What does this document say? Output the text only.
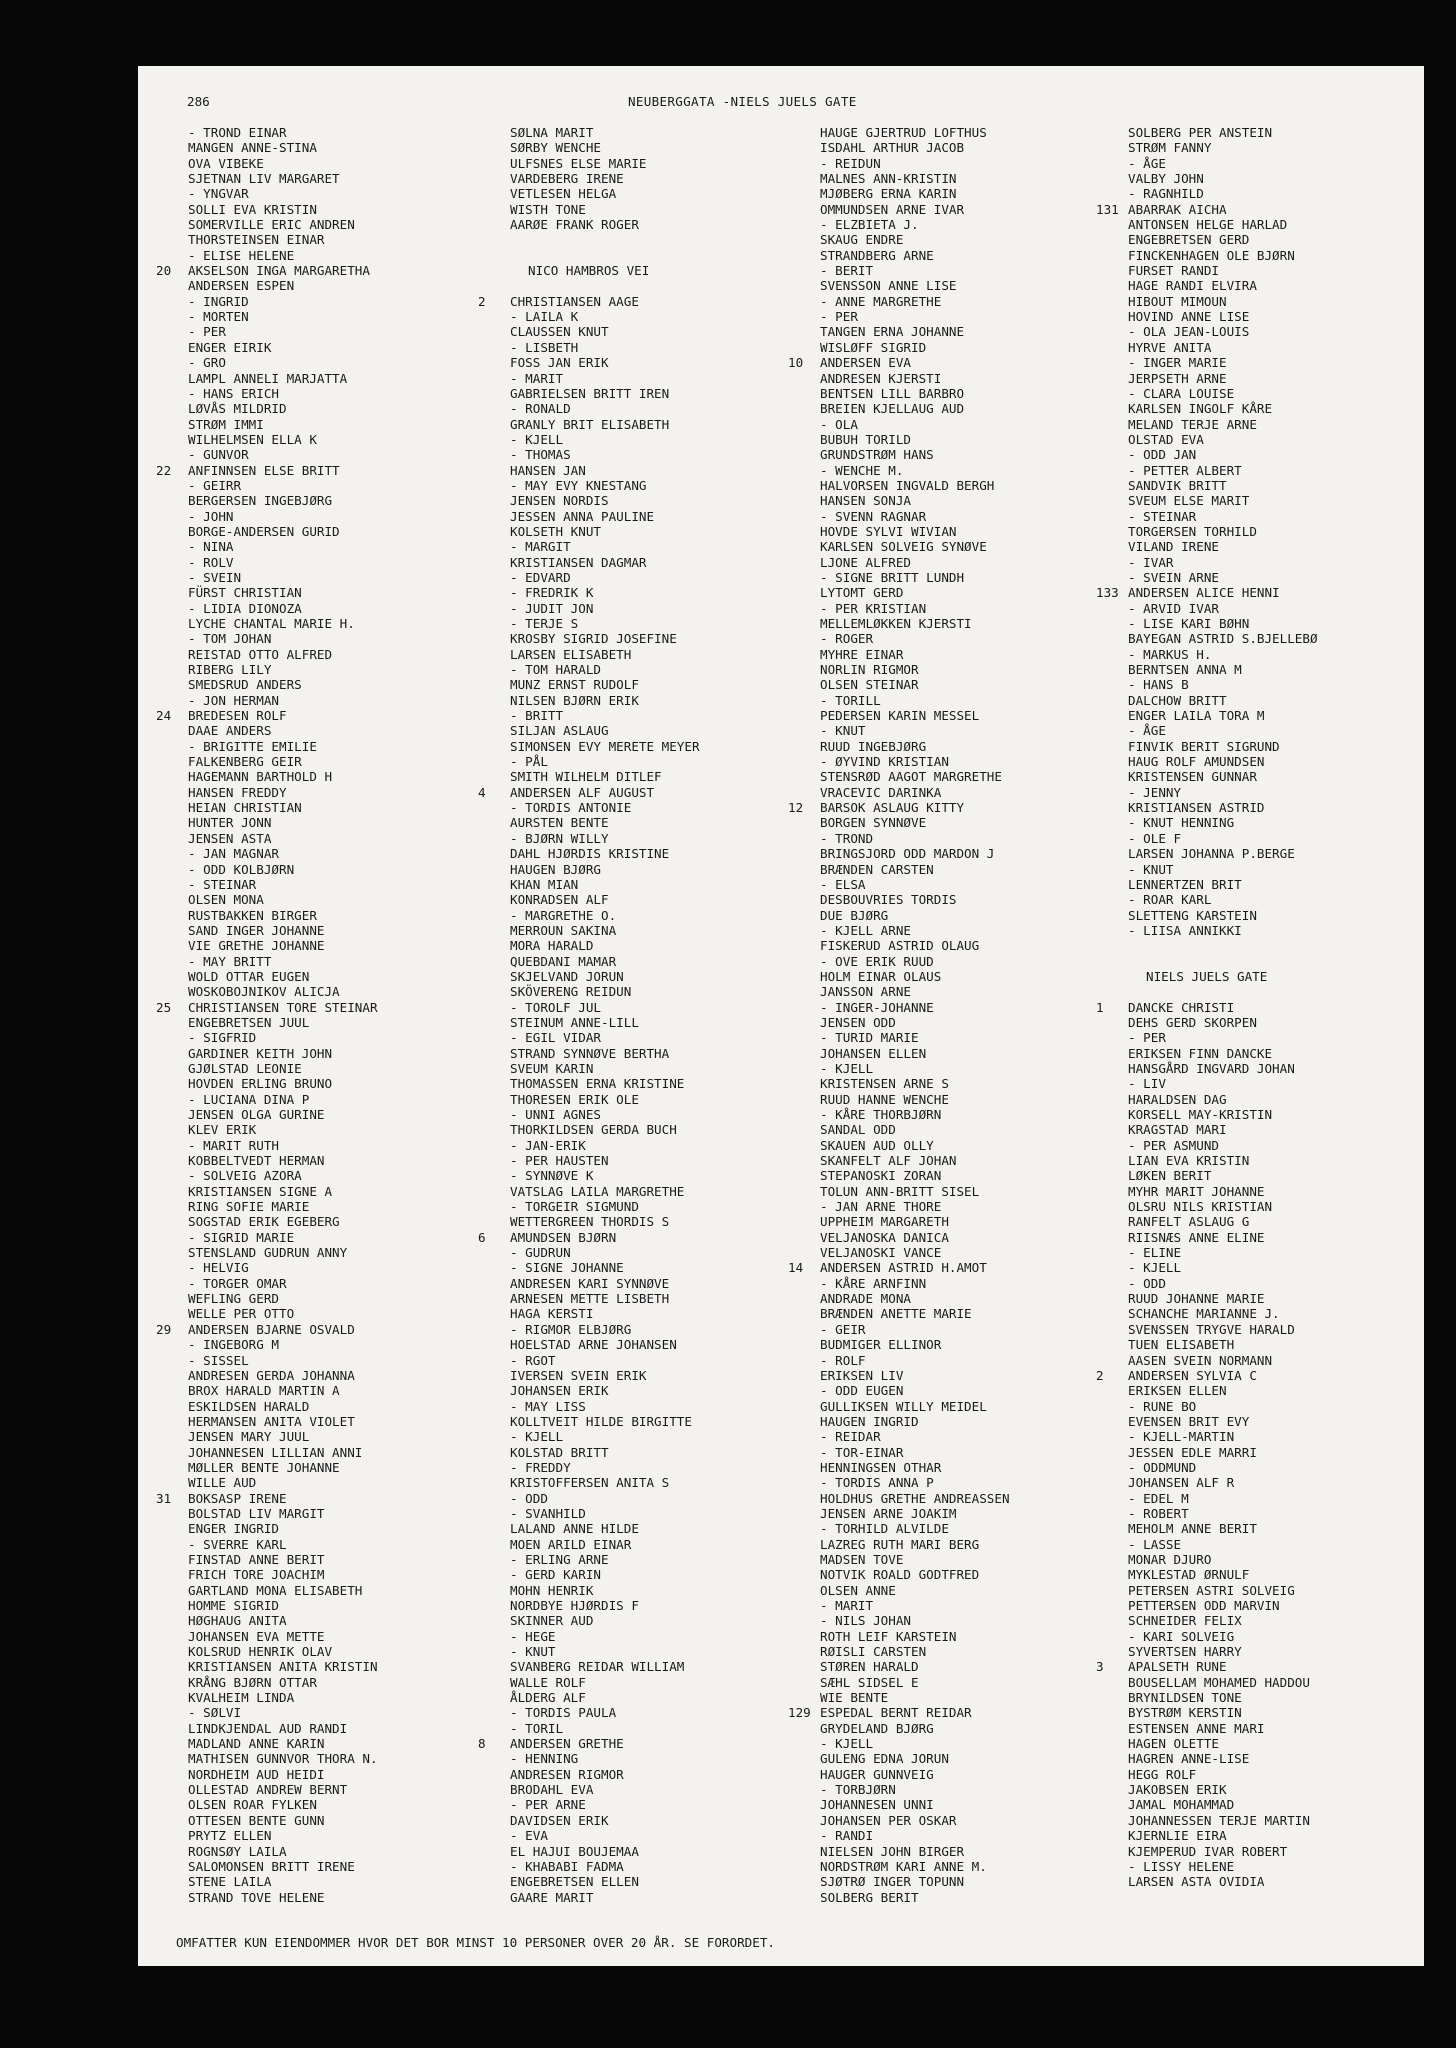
286	NEUBERGGATA -NIELS JUELS GATE
- TROND EINAR
MANGEN ANNE-STINA
OVA VIBEKE
SJETNAN LIV MARGARET
- YNGVAR
SOLLI EVA KRISTIN
SOMERVILLE ERIC ANDREN
THORSTEINSEN EINAR
- ELISE HELENE
20	AKSELSON INGA MARGARETHA
ANDERSEN ESPEN
- INGRID
- MORTEN
- PER
ENGER EIRIK
- GRO
LAMPL ANNELI MARJATTA
- HANS ERICH
LØVÅS MILDRID
STRØM IMMI
WILHELMSEN ELLA K
- GUNVOR
22	ANFINNSEN ELSE BRITT
- GEIRR
BERGERSEN INGEBJØRG
- JOHN
BORGE-ANDERSEN GURID
- NINA
- ROLV
- SVEIN
FÜRST CHRISTIAN
- LIDIA DIONOZA
LYCHE CHANTAL MARIE H.
- TOM JOHAN
REISTAD OTTO ALFRED
RIBERG LILY
SMEDSRUD ANDERS
- JON HERMAN
24	BREDESEN ROLF
DAAE ANDERS
- BRIGITTE EMILIE
FALKENBERG GEIR
HAGEMANN BARTHOLD H
HANSEN FREDDY
HEIAN CHRISTIAN
HUNTER JONN
JENSEN ASTA
- JAN MAGNAR
- ODD KOLBJØRN
- STEINAR
OLSEN MONA
RUSTBAKKEN BIRGER
SAND INGER JOHANNE
VIE GRETHE JOHANNE
- MAY BRITT
WOLD OTTAR EUGEN
WOSKOBOJNIKOV ALICJA
25	CHRISTIANSEN TORE STEINAR
ENGEBRETSEN JUUL
- SIGFRID
GARDINER KEITH JOHN
GJØLSTAD LEONIE
HOVDEN ERLING BRUNO
- LUCIANA DINA P
JENSEN OLGA GURINE
KLEV ERIK
- MARIT RUTH
KOBBELTVEDT HERMAN
- SOLVEIG AZORA
KRISTIANSEN SIGNE A
RING SOFIE MARIE
SOGSTAD ERIK EGEBERG
- SIGRID MARIE
STENSLAND GUDRUN ANNY
- HELVIG
- TORGER OMAR
WEFLING GERD
WELLE PER OTTO
29	ANDERSEN BJARNE OSVALD
- INGEBORG M
- SISSEL
ANDRESEN GERDA JOHANNA
BROX HARALD MARTIN A
ESKILDSEN HARALD
HERMANSEN ANITA VIOLET
JENSEN MARY JUUL
JOHANNESEN LILLIAN ANNI
MØLLER BENTE JOHANNE
WILLE AUD
31	BOKSASP IRENE
BOLSTAD LIV MARGIT
ENGER INGRID
- SVERRE KARL
FINSTAD ANNE BERIT
FRICH TORE JOACHIM
GARTLAND MONA ELISABETH
HOMME SIGRID
HØGHAUG ANITA
JOHANSEN EVA METTE
KOLSRUD HENRIK OLAV
KRISTIANSEN ANITA KRISTIN
KRÅNG BJØRN OTTAR
KVALHEIM LINDA
- SØLVI
LINDKJENDAL AUD RANDI
MADLAND ANNE KARIN
MATHISEN GUNNVOR THORA N.
NORDHEIM AUD HEIDI
OLLESTAD ANDREW BERNT
OLSEN ROAR FYLKEN
OTTESEN BENTE GUNN
PRYTZ ELLEN
ROGNSØY LAILA
SALOMONSEN BRITT IRENE
STENE LAILA
STRAND TOVE HELENE
SØLNA MARIT
SØRBY WENCHE
ULFSNES ELSE MARIE
VARDEBERG IRENE
VETLESEN HELGA
WISTH TONE
AARØE FRANK ROGER
NICO HAMBROS VEI
2	CHRISTIANSEN AAGE
- LAILA K
CLAUSSEN KNUT
- LISBETH
FOSS JAN ERIK
- MARIT
GABRIELSEN BRITT IREN
- RONALD
GRANLY BRIT ELISABETH
- KJELL
- THOMAS
HANSEN JAN
- MAY EVY KNESTANG
JENSEN NORDIS
JESSEN ANNA PAULINE
KOLSETH KNUT
- MARGIT
KRISTIANSEN DAGMAR
- EDVARD
- FREDRIK K
- JUDIT JON
- TERJE S
KROSBY SIGRID JOSEFINE
LARSEN ELISABETH
- TOM HARALD
MUNZ ERNST RUDOLF
NILSEN BJØRN ERIK
- BRITT
SILJAN ASLAUG
SIMONSEN EVY MERETE MEYER
- PÅL
SMITH WILHELM DITLEF
4	ANDERSEN ALF AUGUST
- TORDIS ANTONIE
AURSTEN BENTE
- BJØRN WILLY
DAHL HJØRDIS KRISTINE
HAUGEN BJØRG
KHAN MIAN
KONRADSEN ALF
- MARGRETHE O.
MERROUN SAKINA
MORA HARALD
QUEBDANI MAMAR
SKJELVAND JORUN
SKÖVERENG REIDUN
- TOROLF JUL
STEINUM ANNE-LILL
- EGIL VIDAR
STRAND SYNNØVE BERTHA
SVEUM KARIN
THOMASSEN ERNA KRISTINE
THORESEN ERIK OLE
- UNNI AGNES
THORKILDSEN GERDA BUCH
- JAN-ERIK
- PER HAUSTEN
- SYNNØVE K
VATSLAG LAILA MARGRETHE
- TORGEIR SIGMUND
WETTERGREEN THORDIS S
6	AMUNDSEN BJØRN
- GUDRUN
- SIGNE JOHANNE
ANDRESEN KARI SYNNØVE
ARNESEN METTE LISBETH
HAGA KERSTI
- RIGMOR ELBJØRG
HOELSTAD ARNE JOHANSEN
- RGOT
IVERSEN SVEIN ERIK
JOHANSEN ERIK
- MAY LISS
KOLLTVEIT HILDE BIRGITTE
- KJELL
KOLSTAD BRITT
- FREDDY
KRISTOFFERSEN ANITA S
- ODD
- SVANHILD
LALAND ANNE HILDE
MOEN ARILD EINAR
- ERLING ARNE
- GERD KARIN
MOHN HENRIK
NORDBYE HJØRDIS F
SKINNER AUD
- HEGE
- KNUT
SVANBERG REIDAR WILLIAM
WALLE ROLF
ÅLDERG ALF
- TORDIS PAULA
- TORIL
8	ANDERSEN GRETHE
- HENNING
ANDRESEN RIGMOR
BRODAHL EVA
- PER ARNE
DAVIDSEN ERIK
- EVA
EL HAJUI BOUJEMAA
- KHABABI FADMA
ENGEBRETSEN ELLEN
GAARE MARIT
HAUGE GJERTRUD LOFTHUS
ISDAHL ARTHUR JACOB
- REIDUN
MALNES ANN-KRISTIN
MJØBERG ERNA KARIN
OMMUNDSEN ARNE IVAR
- ELZBIETA J.
SKAUG ENDRE
STRANDBERG ARNE
- BERIT
SVENSSON ANNE LISE
- ANNE MARGRETHE
- PER
TANGEN ERNA JOHANNE
WISLØFF SIGRID
10	ANDERSEN EVA
ANDRESEN KJERSTI
BENTSEN LILL BARBRO
BREIEN KJELLAUG AUD
- OLA
BUBUH TORILD
GRUNDSTRØM HANS
- WENCHE M.
HALVORSEN INGVALD BERGH
HANSEN SONJA
- SVENN RAGNAR
HOVDE SYLVI WIVIAN
KARLSEN SOLVEIG SYNØVE
LJONE ALFRED
- SIGNE BRITT LUNDH
LYTOMT GERD
- PER KRISTIAN
MELLEMLØKKEN KJERSTI
- ROGER
MYHRE EINAR
NORLIN RIGMOR
OLSEN STEINAR
- TORILL
PEDERSEN KARIN MESSEL
- KNUT
RUUD INGEBJØRG
- ØYVIND KRISTIAN
STENSRØD AAGOT MARGRETHE
VRACEVIC DARINKA
12	BARSOK ASLAUG KITTY
BORGEN SYNNØVE
- TROND
BRINGSJORD ODD MARDON J
BRÆNDEN CARSTEN
- ELSA
DESBOUVRIES TORDIS
DUE BJØRG
- KJELL ARNE
FISKERUD ASTRID OLAUG
- OVE ERIK RUUD
HOLM EINAR OLAUS
JANSSON ARNE
- INGER-JOHANNE
JENSEN ODD
- TURID MARIE
JOHANSEN ELLEN
- KJELL
KRISTENSEN ARNE S
RUUD HANNE WENCHE
- KÅRE THORBJØRN
SANDAL ODD
SKAUEN AUD OLLY
SKANFELT ALF JOHAN
STEPANOSKI ZORAN
TOLUN ANN-BRITT SISEL
- JAN ARNE THORE
UPPHEIM MARGARETH
VELJANOSKA DANICA
VELJANOSKI VANCE
14	ANDERSEN ASTRID H.AMOT
- KÅRE ARNFINN
ANDRADE MONA
BRÆNDEN ANETTE MARIE
- GEIR
BUDMIGER ELLINOR
- ROLF
ERIKSEN LIV
- ODD EUGEN
GULLIKSEN WILLY MEIDEL
HAUGEN INGRID
- REIDAR
- TOR-EINAR
HENNINGSEN OTHAR
- TORDIS ANNA P
HOLDHUS GRETHE ANDREASSEN
JENSEN ARNE JOAKIM
- TORHILD ALVILDE
LAZREG RUTH MARI BERG
MADSEN TOVE
NOTVIK ROALD GODTFRED
OLSEN ANNE
- MARIT
- NILS JOHAN
ROTH LEIF KARSTEIN
RØISLI CARSTEN
STØREN HARALD
SÆHL SIDSEL E
WIE BENTE
129 ESPEDAL BERNT REIDAR
GRYDELAND BJØRG
- KJELL
GULENG EDNA JORUN
HAUGER GUNNVEIG
- TORBJØRN
JOHANNESEN UNNI
JOHANSEN PER OSKAR
- RANDI
NIELSEN JOHN BIRGER
NORDSTRØM KARI ANNE M.
SJØTRØ INGER TOPUNN
SOLBERG BERIT
SOLBERG PER ANSTEIN
STRØM FANNY
- ÅGE
VALBY JOHN
- RAGNHILD
131 ABARRAK AICHA
ANTONSEN HELGE HARLAD
ENGEBRETSEN GERD
FINCKENHAGEN OLE BJØRN
FURSET RANDI
HAGE RANDI ELVIRA
HIBOUT MIMOUN
HOVIND ANNE LISE
- OLA JEAN-LOUIS
HYRVE ANITA
- INGER MARIE
JERPSETH ARNE
- CLARA LOUISE
KARLSEN INGOLF KÅRE
MELAND TERJE ARNE
OLSTAD EVA
- ODD JAN
- PETTER ALBERT
SANDVIK BRITT
SVEUM ELSE MARIT
- STEINAR
TORGERSEN TORHILD
VILAND IRENE
- IVAR
- SVEIN ARNE
133 ANDERSEN ALICE HENNI
- ARVID IVAR
- LISE KARI BØHN
BAYEGAN ASTRID S.BJELLEBØ
- MARKUS H.
BERNTSEN ANNA M
- HANS B
DALCHOW BRITT
ENGER LAILA TORA M
- ÅGE
FINVIK BERIT SIGRUND
HAUG ROLF AMUNDSEN
KRISTENSEN GUNNAR
- JENNY
KRISTIANSEN ASTRID
- KNUT HENNING
- OLE F
LARSEN JOHANNA P.BERGE
- KNUT
LENNERTZEN BRIT
- ROAR KARL
SLETTENG KARSTEIN
- LIISA ANNIKKI
NIELS JUELS GATE
1	DANCKE CHRISTI
DEHS GERD SKORPEN
- PER
ERIKSEN FINN DANCKE
HANSGÅRD INGVARD JOHAN
- LIV
HARALDSEN DAG
KORSELL MAY-KRISTIN
KRAGSTAD MARI
- PER ASMUND
LIAN EVA KRISTIN
LØKEN BERIT
MYHR MARIT JOHANNE
OLSRU NILS KRISTIAN
RANFELT ASLAUG G
RIISNÆS ANNE ELINE
- ELINE
- KJELL
- ODD
RUUD JOHANNE MARIE
SCHANCHE MARIANNE J.
SVENSSEN TRYGVE HARALD
TUEN ELISABETH
AASEN SVEIN NORMANN
2	ANDERSEN SYLVIA C
ERIKSEN ELLEN
- RUNE BO
EVENSEN BRIT EVY
- KJELL-MARTIN
JESSEN EDLE MARRI
- ODDMUND
JOHANSEN ALF R
- EDEL M
- ROBERT
MEHOLM ANNE BERIT
- LASSE
MONAR DJURO
MYKLESTAD ØRNULF
PETERSEN ASTRI SOLVEIG
PETTERSEN ODD MARVIN
SCHNEIDER FELIX
- KARI SOLVEIG
SYVERTSEN HARRY
3	APALSETH RUNE
BOUSELLAM MOHAMED HADDOU
BRYNILDSEN TONE
BYSTRØM KERSTIN
ESTENSEN ANNE MARI
HAGEN OLETTE
HAGREN ANNE-LISE
HEGG ROLF
JAKOBSEN ERIK
JAMAL MOHAMMAD
JOHANNESSEN TERJE MARTIN
KJERNLIE EIRA
KJEMPERUD IVAR ROBERT
- LISSY HELENE
LARSEN ASTA OVIDIA
OMFATTER KUN EIENDOMMER HVOR DET BOR MINST 10 PERSONER OVER 20 ÅR. SE FORORDET.
